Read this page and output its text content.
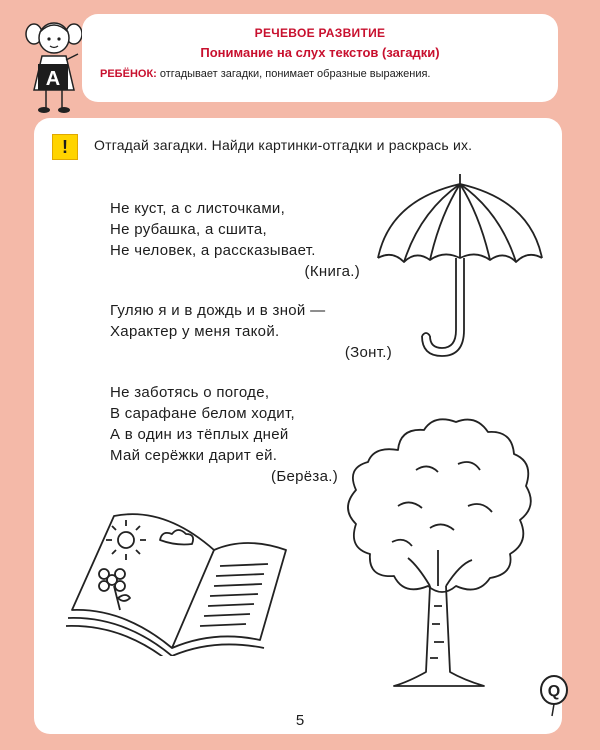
А
РЕЧЕВОЕ РАЗВИТИЕ
Понимание на слух текстов (загадки)
РЕБЁНОК: отгадывает загадки, понимает образные выражения.
!	Отгадай загадки. Найди картинки-отгадки и раскрась их.
Не куст, а с листочками,
Не рубашка, а сшита,
Не человек, а рассказывает.
(Книга.)
Гуляю я и в дождь и в зной —
Характер у меня такой.
(Зонт.)
Не заботясь о погоде,
В сарафане белом ходит,
А в один из тёплых дней
Май серёжки дарит ей.
(Берёза.)
5
Q
